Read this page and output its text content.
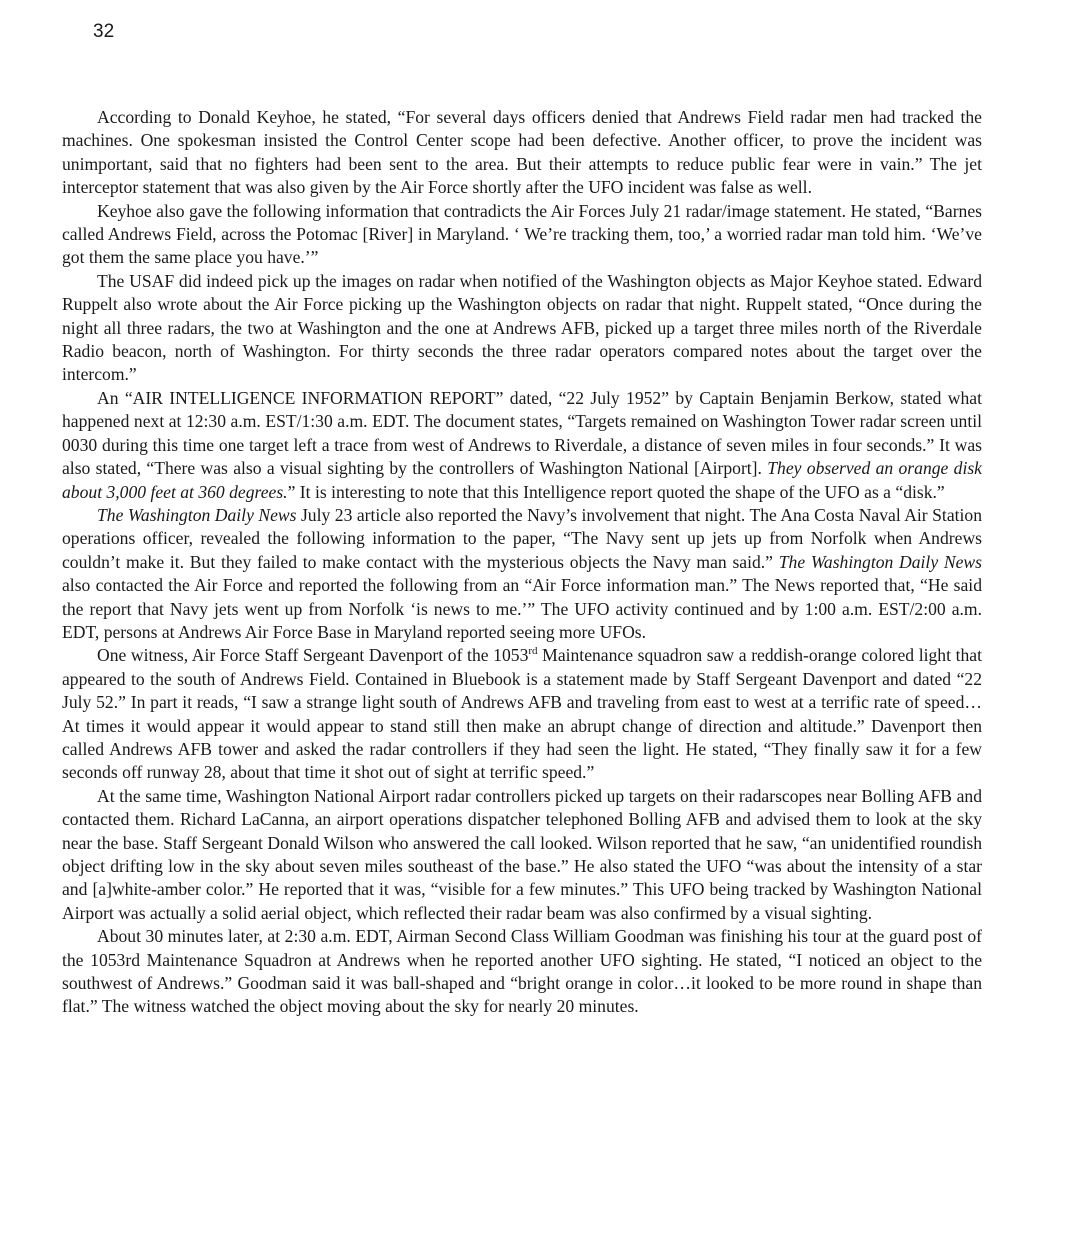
32

According to Donald Keyhoe, he stated, “For several days officers denied that Andrews Field radar men had tracked the machines. One spokesman insisted the Control Center scope had been defective. Another officer, to prove the incident was unimportant, said that no fighters had been sent to the area. But their attempts to reduce public fear were in vain.” The jet interceptor statement that was also given by the Air Force shortly after the UFO incident was false as well.

Keyhoe also gave the following information that contradicts the Air Forces July 21 radar/image statement. He stated, “Barnes called Andrews Field, across the Potomac [River] in Maryland. ‘ We’re tracking them, too,’ a worried radar man told him. ‘We’ve got them the same place you have.’”

The USAF did indeed pick up the images on radar when notified of the Washington objects as Major Keyhoe stated. Edward Ruppelt also wrote about the Air Force picking up the Washington objects on radar that night. Ruppelt stated, “Once during the night all three radars, the two at Washington and the one at Andrews AFB, picked up a target three miles north of the Riverdale Radio beacon, north of Washington. For thirty seconds the three radar operators compared notes about the target over the intercom.”

An “AIR INTELLIGENCE INFORMATION REPORT” dated, “22 July 1952” by Captain Benjamin Berkow, stated what happened next at 12:30 a.m. EST/1:30 a.m. EDT. The document states, “Targets remained on Washington Tower radar screen until 0030 during this time one target left a trace from west of Andrews to Riverdale, a distance of seven miles in four seconds.” It was also stated, “There was also a visual sighting by the controllers of Washington National [Airport]. They observed an orange disk about 3,000 feet at 360 degrees.” It is interesting to note that this Intelligence report quoted the shape of the UFO as a “disk.”

The Washington Daily News July 23 article also reported the Navy’s involvement that night. The Ana Costa Naval Air Station operations officer, revealed the following information to the paper, “The Navy sent up jets up from Norfolk when Andrews couldn’t make it. But they failed to make contact with the mysterious objects the Navy man said.” The Washington Daily News also contacted the Air Force and reported the following from an “Air Force information man.” The News reported that, “He said the report that Navy jets went up from Norfolk ‘is news to me.’” The UFO activity continued and by 1:00 a.m. EST/2:00 a.m. EDT, persons at Andrews Air Force Base in Maryland reported seeing more UFOs.

One witness, Air Force Staff Sergeant Davenport of the 1053rd Maintenance squadron saw a reddish-orange colored light that appeared to the south of Andrews Field. Contained in Bluebook is a statement made by Staff Sergeant Davenport and dated “22 July 52.” In part it reads, “I saw a strange light south of Andrews AFB and traveling from east to west at a terrific rate of speed…At times it would appear it would appear to stand still then make an abrupt change of direction and altitude.” Davenport then called Andrews AFB tower and asked the radar controllers if they had seen the light. He stated, “They finally saw it for a few seconds off runway 28, about that time it shot out of sight at terrific speed.”

At the same time, Washington National Airport radar controllers picked up targets on their radarscopes near Bolling AFB and contacted them. Richard LaCanna, an airport operations dispatcher telephoned Bolling AFB and advised them to look at the sky near the base. Staff Sergeant Donald Wilson who answered the call looked. Wilson reported that he saw, “an unidentified roundish object drifting low in the sky about seven miles southeast of the base.” He also stated the UFO “was about the intensity of a star and [a]white-amber color.” He reported that it was, “visible for a few minutes.” This UFO being tracked by Washington National Airport was actually a solid aerial object, which reflected their radar beam was also confirmed by a visual sighting.

About 30 minutes later, at 2:30 a.m. EDT, Airman Second Class William Goodman was finishing his tour at the guard post of the 1053rd Maintenance Squadron at Andrews when he reported another UFO sighting. He stated, “I noticed an object to the southwest of Andrews.” Goodman said it was ball-shaped and “bright orange in color…it looked to be more round in shape than flat.” The witness watched the object moving about the sky for nearly 20 minutes.
